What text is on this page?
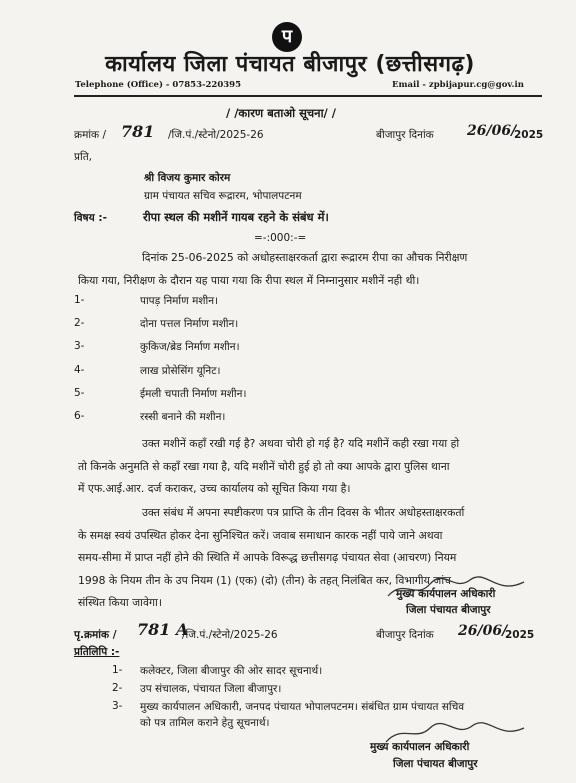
प
कार्यालय जिला पंचायत बीजापुर (छत्तीसगढ़)
Telephone (Office) - 07853-220395	Email - zpbijapur.cg@gov.in
/ /कारण बताओ सूचना/ /
क्रमांक / 781 /जि.पं./स्टेनो/2025-26	बीजापुर दिनांक 26/06/
2025
प्रति,
श्री विजय कुमार कोरम
ग्राम पंचायत सचिव रूद्रारम, भोपालपटनम
विषय :-	रीपा स्थल की मशीनें गायब रहने के संबंध में।
=-:000:-=
दिनांक 25-06-2025 को अधोहस्ताक्षरकर्ता द्वारा रूद्रारम रीपा का औचक निरीक्षण
किया गया, निरीक्षण के दौरान यह पाया गया कि रीपा स्थल में निम्नानुसार मशीनें नही थी।
1-	पापड़ निर्माण मशीन।
2-	दोना पत्तल निर्माण मशीन।
3-	कुकिज/ब्रेड निर्माण मशीन।
4-	लाख प्रोसेसिंग यूनिट।
5-	ईमली चपाती निर्माण मशीन।
6-	रस्सी बनाने की मशीन।
उक्त मशीनें कहाँ रखी गई है? अथवा चोरी हो गई है? यदि मशीनें कही रखा गया हो
तो किनके अनुमति से कहाँ रखा गया है, यदि मशीनें चोरी हुई हो तो क्या आपके द्वारा पुलिस थाना
में एफ.आई.आर. दर्ज कराकर, उच्च कार्यालय को सूचित किया गया है।
उक्त संबंध में अपना स्पष्टीकरण पत्र प्राप्ति के तीन दिवस के भीतर अधोहस्ताक्षरकर्ता
के समक्ष स्वयं उपस्थित होकर देना सुनिश्चित करें। जवाब समाधान कारक नहीं पाये जाने अथवा
समय-सीमा में प्राप्त नहीं होने की स्थिति में आपके विरूद्ध छत्तीसगढ़ पंचायत सेवा (आचरण) नियम
1998 के नियम तीन के उप नियम (1) (एक) (दो) (तीन) के तहत् निलंबित कर, विभागीय जांच
संस्थित किया जावेगा।
मुख्य कार्यपालन अधिकारी
जिला पंचायत बीजापुर
पृ.क्रमांक / 781 A
/जि.पं./स्टेनो/2025-26	बीजापुर दिनांक 26/06/
2025
प्रतिलिपि :-
1- कलेक्टर, जिला बीजापुर की ओर सादर सूचनार्थ।
2- उप संचालक, पंचायत जिला बीजापुर।
3- मुख्य कार्यपालन अधिकारी, जनपद पंचायत भोपालपटनम। संबंधित ग्राम पंचायत सचिव
को पत्र तामिल कराने हेतु सूचनार्थ।
मुख्य कार्यपालन अधिकारी
जिला पंचायत बीजापुर
